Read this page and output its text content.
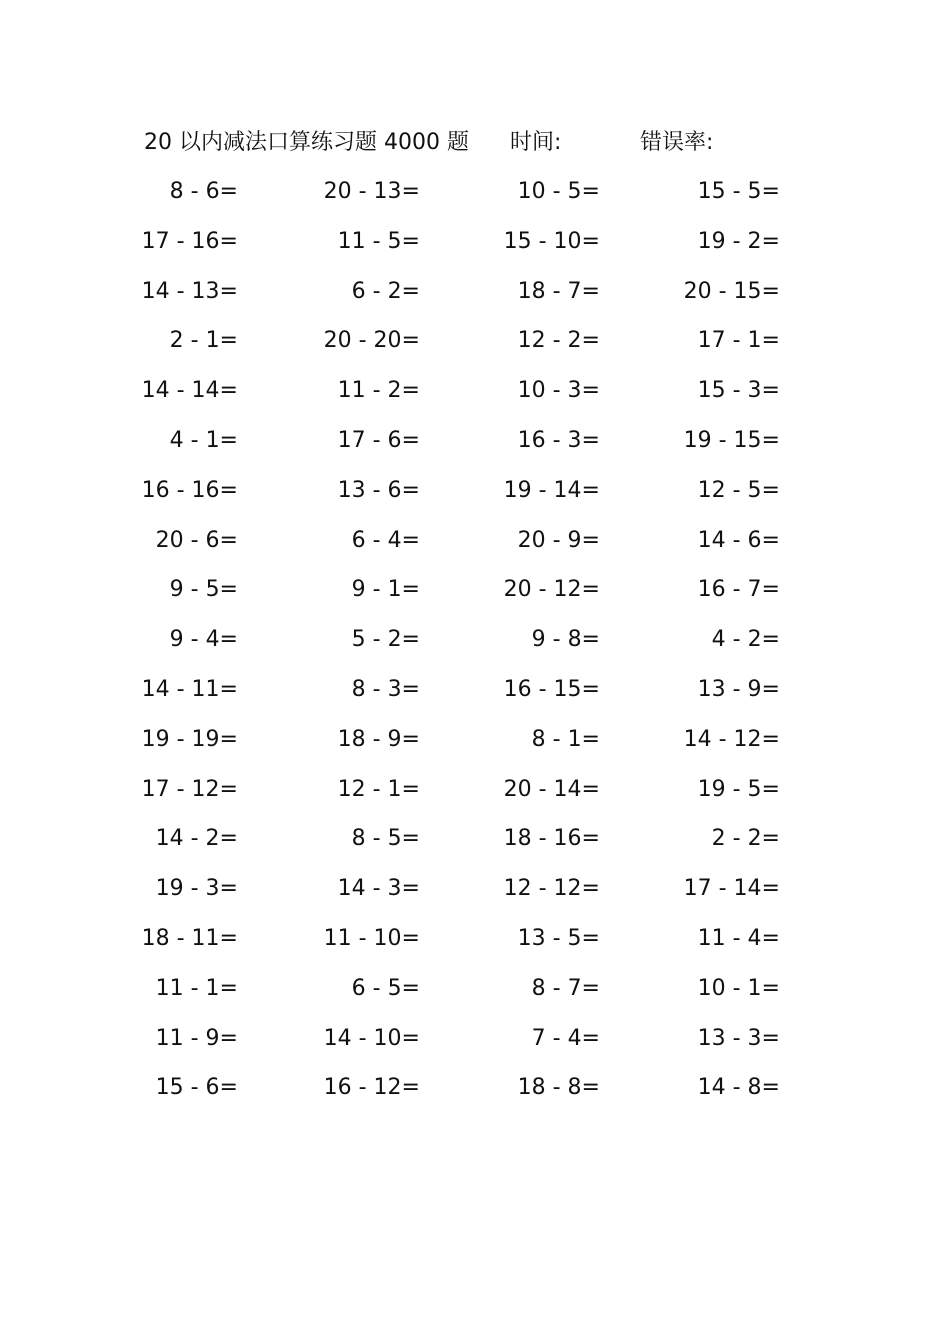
20 以内减法口算练习题 4000 题 时间:	错误率:
8 - 6=	20 - 13=	10 - 5=	15 - 5=
17 - 16=	11 - 5=	15 - 10=	19 - 2=
14 - 13=	6 - 2=	18 - 7=	20 - 15=
2 - 1=	20 - 20=	12 - 2=	17 - 1=
14 - 14=	11 - 2=	10 - 3=	15 - 3=
4 - 1=	17 - 6=	16 - 3=	19 - 15=
16 - 16=	13 - 6=	19 - 14=	12 - 5=
20 - 6=	6 - 4=	20 - 9=	14 - 6=
9 - 5=	9 - 1=	20 - 12=	16 - 7=
9 - 4=	5 - 2=	9 - 8=	4 - 2=
14 - 11=	8 - 3=	16 - 15=	13 - 9=
19 - 19=	18 - 9=	8 - 1=	14 - 12=
17 - 12=	12 - 1=	20 - 14=	19 - 5=
14 - 2=	8 - 5=	18 - 16=	2 - 2=
19 - 3=	14 - 3=	12 - 12=	17 - 14=
18 - 11=	11 - 10=	13 - 5=	11 - 4=
11 - 1=	6 - 5=	8 - 7=	10 - 1=
11 - 9=	14 - 10=	7 - 4=	13 - 3=
15 - 6=	16 - 12=	18 - 8=	14 - 8=
